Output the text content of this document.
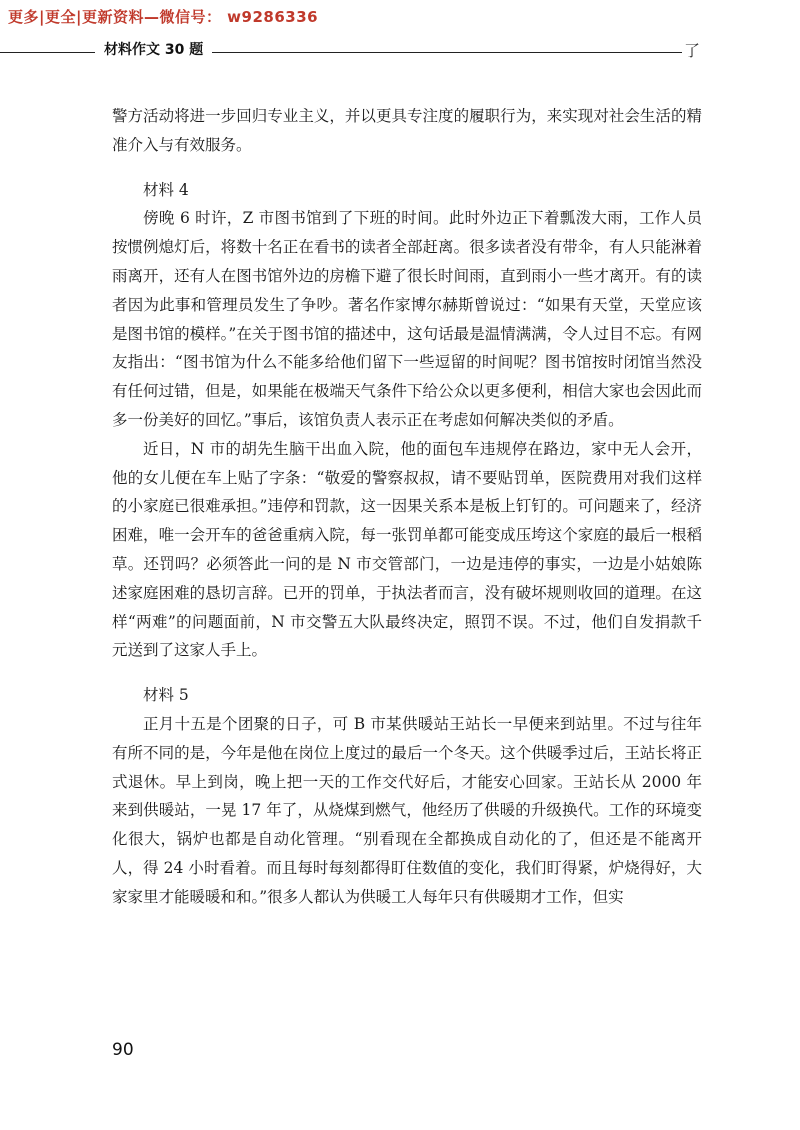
更多|更全|更新资料—微信号： w9286336
材料作文 30 题	了

警方活动将进一步回归专业主义，并以更具专注度的履职行为，来实现对社会生活的精准介入与有效服务。

材料 4

傍晚 6 时许，Z 市图书馆到了下班的时间。此时外边正下着瓢泼大雨，工作人员按惯例熄灯后，将数十名正在看书的读者全部赶离。很多读者没有带伞，有人只能淋着雨离开，还有人在图书馆外边的房檐下避了很长时间雨，直到雨小一些才离开。有的读者因为此事和管理员发生了争吵。著名作家博尔赫斯曾说过：“如果有天堂，天堂应该是图书馆的模样。”在关于图书馆的描述中，这句话最是温情满满，令人过目不忘。有网友指出：“图书馆为什么不能多给他们留下一些逗留的时间呢？图书馆按时闭馆当然没有任何过错，但是，如果能在极端天气条件下给公众以更多便利，相信大家也会因此而多一份美好的回忆。”事后，该馆负责人表示正在考虑如何解决类似的矛盾。

近日，N 市的胡先生脑干出血入院，他的面包车违规停在路边，家中无人会开，他的女儿便在车上贴了字条：“敬爱的警察叔叔，请不要贴罚单，医院费用对我们这样的小家庭已很难承担。”违停和罚款，这一因果关系本是板上钉钉的。可问题来了，经济困难，唯一会开车的爸爸重病入院，每一张罚单都可能变成压垮这个家庭的最后一根稻草。还罚吗？必须答此一问的是 N 市交管部门，一边是违停的事实，一边是小姑娘陈述家庭困难的恳切言辞。已开的罚单，于执法者而言，没有破坏规则收回的道理。在这样“两难”的问题面前，N 市交警五大队最终决定，照罚不误。不过，他们自发捐款千元送到了这家人手上。

材料 5

正月十五是个团聚的日子，可 B 市某供暖站王站长一早便来到站里。不过与往年有所不同的是，今年是他在岗位上度过的最后一个冬天。这个供暖季过后，王站长将正式退休。早上到岗，晚上把一天的工作交代好后，才能安心回家。王站长从 2000 年来到供暖站，一晃 17 年了，从烧煤到燃气，他经历了供暖的升级换代。工作的环境变化很大，锅炉也都是自动化管理。“别看现在全都换成自动化的了，但还是不能离开人，得 24 小时看着。而且每时每刻都得盯住数值的变化，我们盯得紧，炉烧得好，大家家里才能暖暖和和。”很多人都认为供暖工人每年只有供暖期才工作，但实

90
